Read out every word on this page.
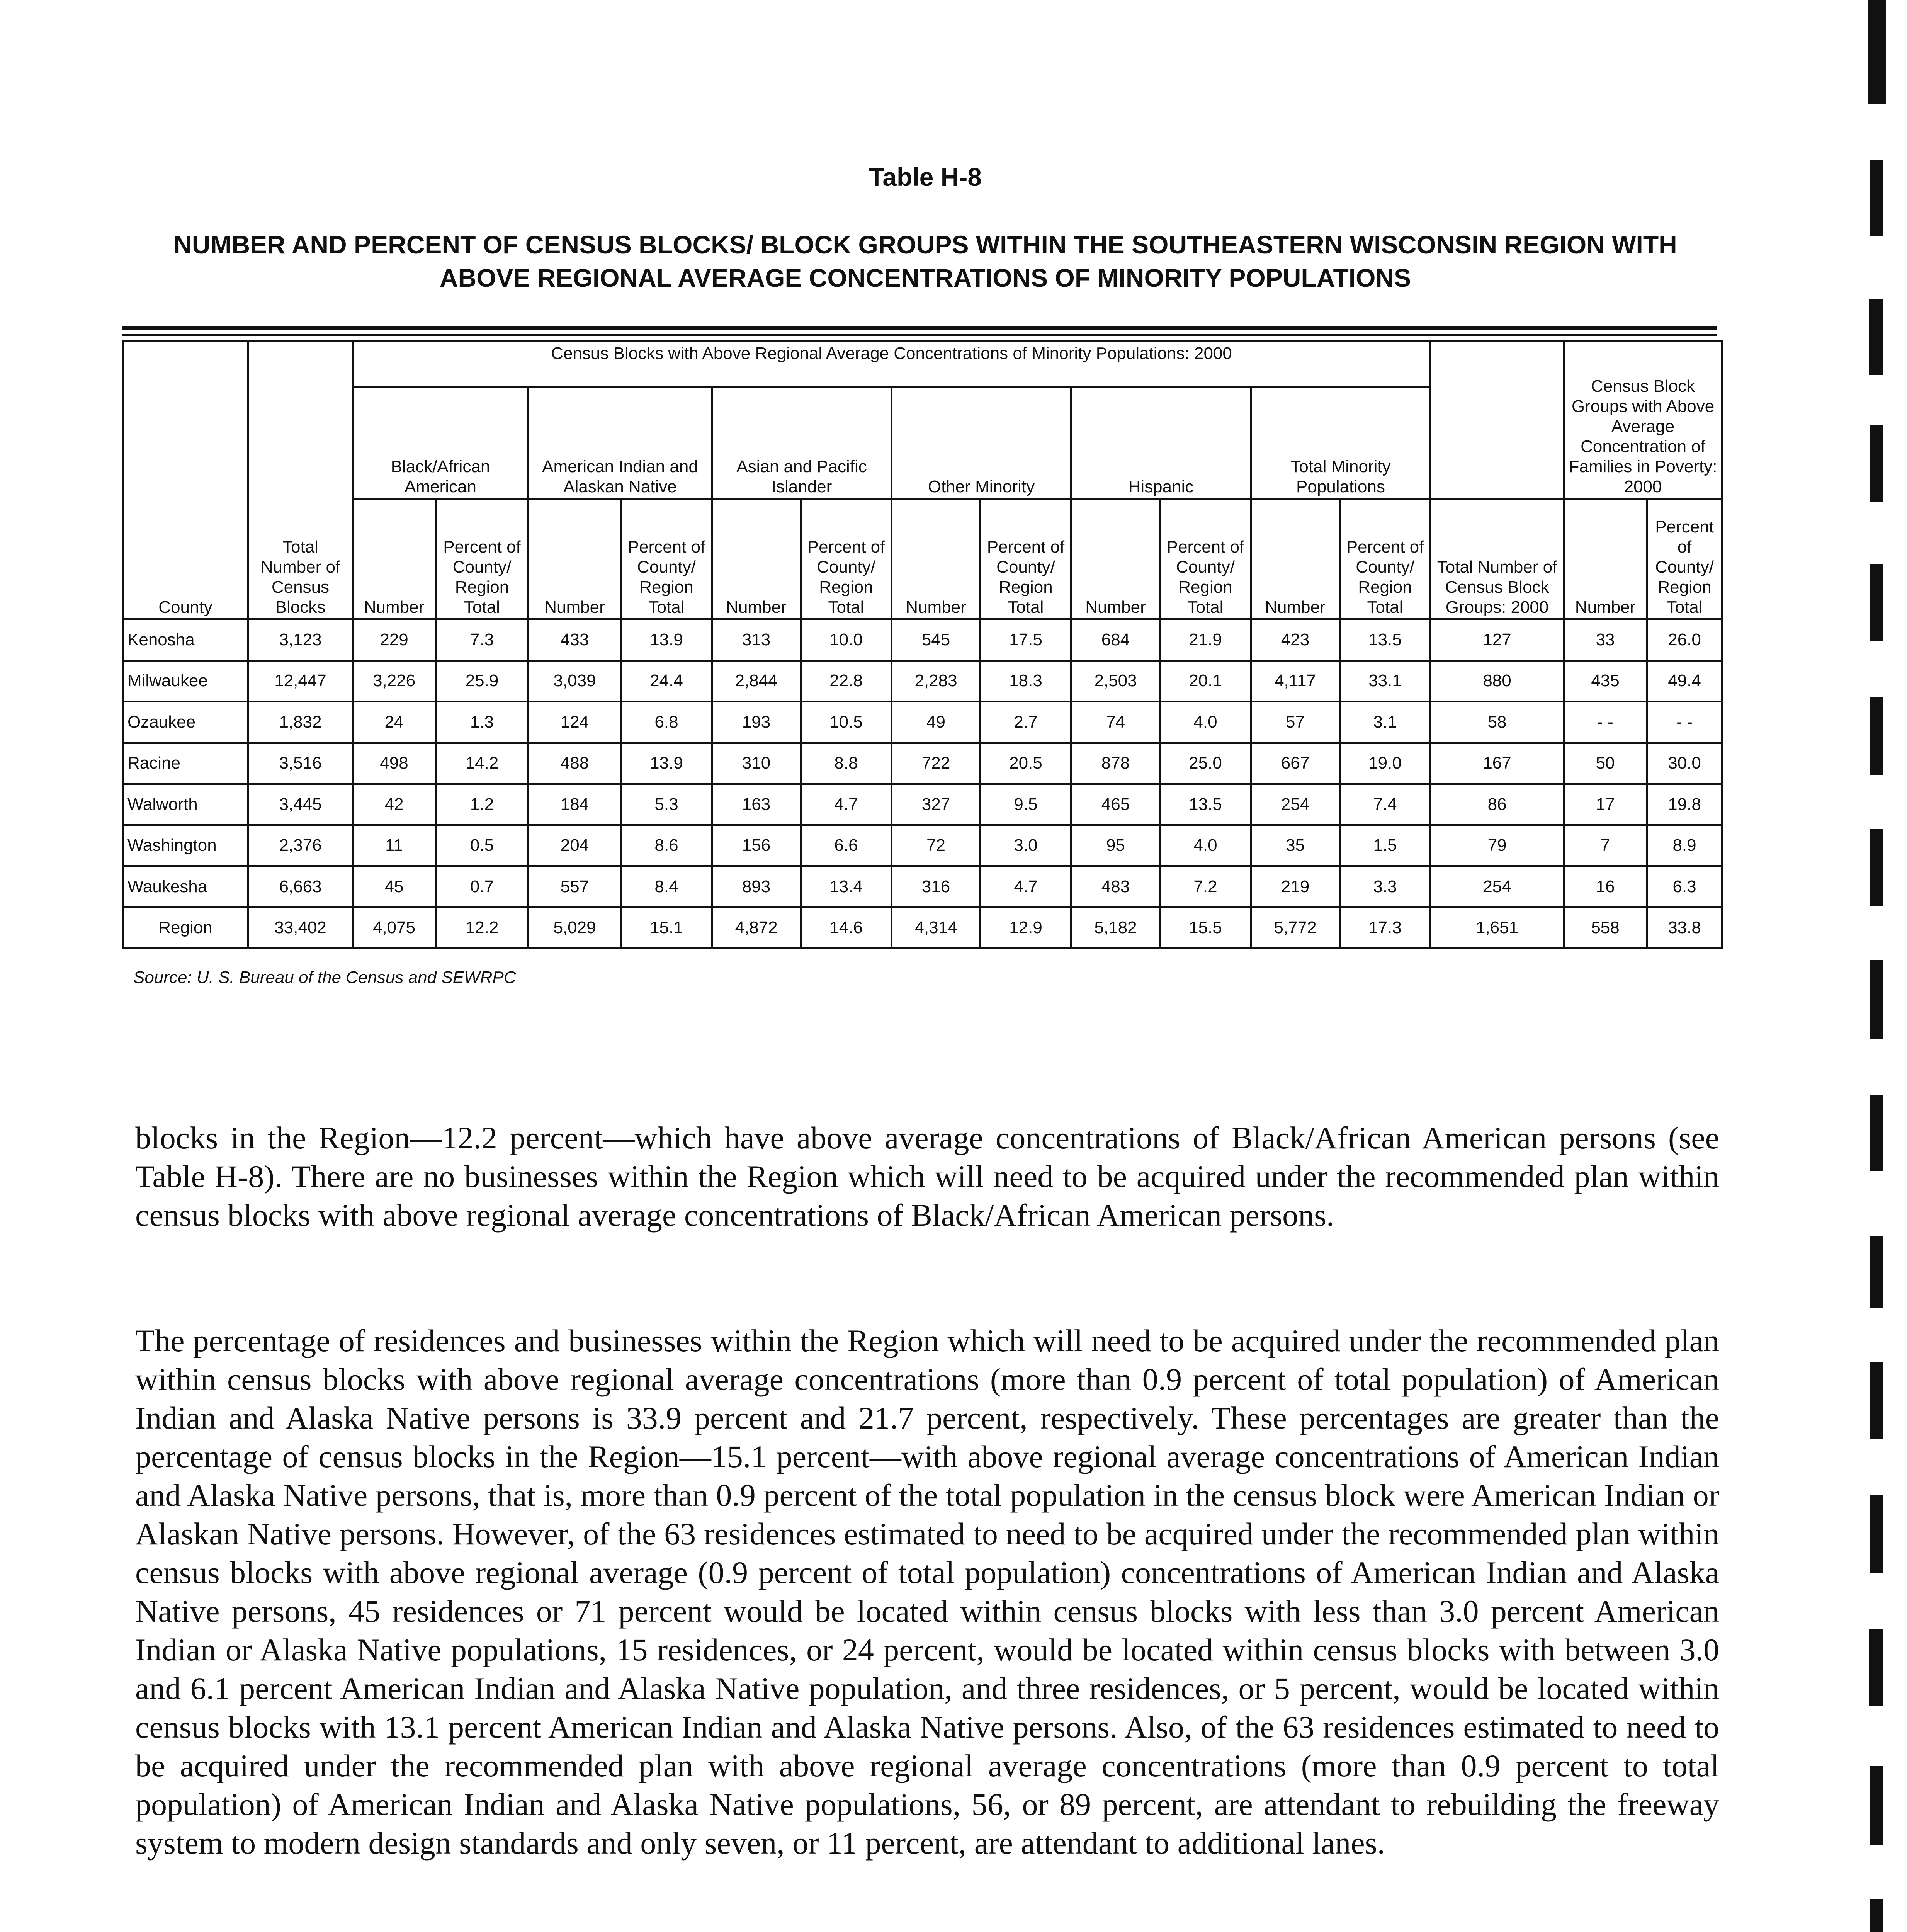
Table H-8
NUMBER AND PERCENT OF CENSUS BLOCKS/ BLOCK GROUPS WITHIN THE SOUTHEASTERN WISCONSIN REGION WITH ABOVE REGIONAL AVERAGE CONCENTRATIONS OF MINORITY POPULATIONS
County	Total Number of Census Blocks	Census Blocks with Above Regional Average Concentrations of Minority Populations: 2000													Census Block Groups with Above Average Concentration of Families in Poverty: 2000	
		Black/African American		American Indian and Alaskan Native		Asian and Pacific Islander		Other Minority		Hispanic		Total Minority Populations				
		Number	Percent of County/ Region Total	Number	Percent of County/ Region Total	Number	Percent of County/ Region Total	Number	Percent of County/ Region Total	Number	Percent of County/ Region Total	Number	Percent of County/ Region Total	Total Number of Census Block Groups: 2000	Number	Percent of County/ Region Total
Kenosha	3,123	229	7.3	433	13.9	313	10.0	545	17.5	684	21.9	423	13.5	127	33	26.0
Milwaukee	12,447	3,226	25.9	3,039	24.4	2,844	22.8	2,283	18.3	2,503	20.1	4,117	33.1	880	435	49.4
Ozaukee	1,832	24	1.3	124	6.8	193	10.5	49	2.7	74	4.0	57	3.1	58	- -	- -
Racine	3,516	498	14.2	488	13.9	310	8.8	722	20.5	878	25.0	667	19.0	167	50	30.0
Walworth	3,445	42	1.2	184	5.3	163	4.7	327	9.5	465	13.5	254	7.4	86	17	19.8
Washington	2,376	11	0.5	204	8.6	156	6.6	72	3.0	95	4.0	35	1.5	79	7	8.9
Waukesha	6,663	45	0.7	557	8.4	893	13.4	316	4.7	483	7.2	219	3.3	254	16	6.3
Region	33,402	4,075	12.2	5,029	15.1	4,872	14.6	4,314	12.9	5,182	15.5	5,772	17.3	1,651	558	33.8
Source: U. S. Bureau of the Census and SEWRPC

blocks in the Region—12.2 percent—which have above average concentrations of Black/African American persons (see Table H-8). There are no businesses within the Region which will need to be acquired under the recommended plan within census blocks with above regional average concentrations of Black/African American persons.

The percentage of residences and businesses within the Region which will need to be acquired under the recommended plan within census blocks with above regional average concentrations (more than 0.9 percent of total population) of American Indian and Alaska Native persons is 33.9 percent and 21.7 percent, respectively. These percentages are greater than the percentage of census blocks in the Region—15.1 percent—with above regional average concentrations of American Indian and Alaska Native persons, that is, more than 0.9 percent of the total population in the census block were American Indian or Alaskan Native persons. However, of the 63 residences estimated to need to be acquired under the recommended plan within census blocks with above regional average (0.9 percent of total population) concentrations of American Indian and Alaska Native persons, 45 residences or 71 percent would be located within census blocks with less than 3.0 percent American Indian or Alaska Native populations, 15 residences, or 24 percent, would be located within census blocks with between 3.0 and 6.1 percent American Indian and Alaska Native population, and three residences, or 5 percent, would be located within census blocks with 13.1 percent American Indian and Alaska Native persons. Also, of the 63 residences estimated to need to be acquired under the recommended plan with above regional average concentrations (more than 0.9 percent to total population) of American Indian and Alaska Native populations, 56, or 89 percent, are attendant to rebuilding the freeway system to modern design standards and only seven, or 11 percent, are attendant to additional lanes.
